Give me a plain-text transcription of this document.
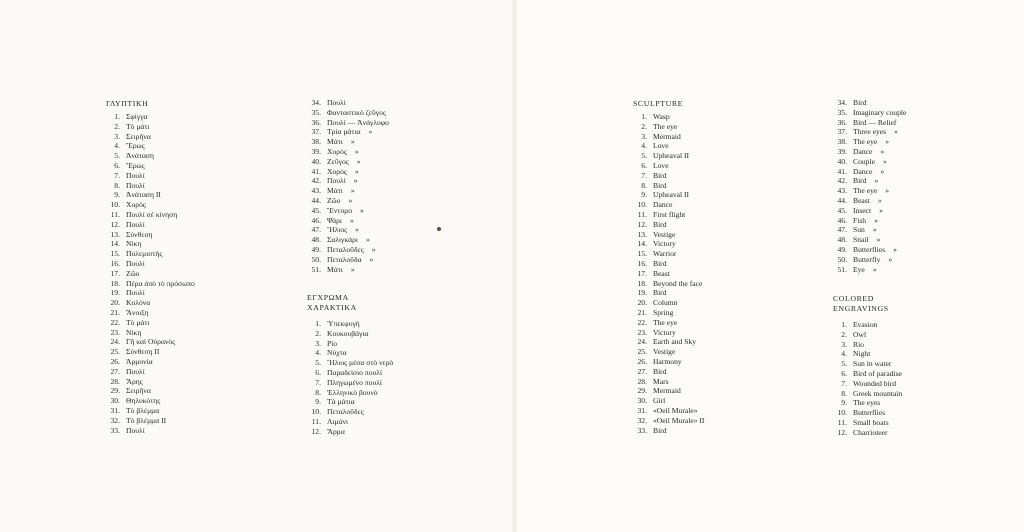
ΓΛΥΠΤΙΚΗ
1. Σφίγγα
2. Τὸ μάτι
3. Σειρῆνα
4. Ἔρως
5. Ἀνάταση
6. Ἔρως
7. Πουλί
8. Πουλί
9. Ἀνάταση ΙΙ
10. Χορὸς
11. Πουλί σὲ κίνηση
12. Πουλί
13. Σύνθεση
14. Νίκη
15. Πολεμιστής
16. Πουλί
17. Ζῶο
18. Πέρα ἀπὸ τὸ πρόσωπο
19. Πουλί
20. Κολόνα
21. Ἄνοιξη
22. Τὸ μάτι
23. Νίκη
24. Γῆ καὶ Οὐρανὸς
25. Σύνθεση ΙΙ
26. Ἁρμονία
27. Πουλί
28. Ἄρης
29. Σειρῆνα
30. Θηλυκότης
31. Τὸ βλέμμα
32. Τὸ βλέμμα ΙΙ
33. Πουλί
34. Πουλί
35. Φανταστικὸ ζεῦγος
36. Πουλί — Ἀνάγλυφο
37. Τρία μάτια »
38. Μάτι »
39. Χορὸς »
40. Ζεῦγος »
41. Χορὸς »
42. Πουλί »
43. Μάτι »
44. Ζῶο »
45. Ἔντομο »
46. Ψάρι »
47. Ἥλιος »
48. Σαλιγκάρι »
49. Πεταλοῦδες »
50. Πεταλοῦδα »
51. Μάτι »
ΕΓΧΡΩΜΑ
ΧΑΡΑΚΤΙΚΑ
1. Ὑπεκφυγή
2. Κουκουβάγια
3. Ρίο
4. Νύχτα
5. Ἥλιος μέσα στὸ νερὸ
6. Παραδείσιο πουλί
7. Πληγωμένο πουλί
8. Ἑλληνικὸ βουνὸ
9. Τὰ μάτια
10. Πεταλοῦδες
11. Λιμάνι
12. Ἅρμα
SCULPTURE
1. Wasp
2. The eye
3. Mermaid
4. Love
5. Upheaval II
6. Love
7. Bird
8. Bird
9. Upheaval II
10. Dance
11. First flight
12. Bird
13. Vestige
14. Victory
15. Warrior
16. Bird
17. Beast
18. Beyond the face
19. Bird
20. Column
21. Spring
22. The eye
23. Victory
24. Earth and Sky
25. Vestige
26. Harmony
27. Bird
28. Mars
29. Mermaid
30. Girl
31. «Oeil Murale»
32. «Oeil Murale» II
33. Bird
34. Bird
35. Imaginary couple
36. Bird — Relief
37. Three eyes »
38. The eye »
39. Dance »
40. Couple »
41. Dance »
42. Bird »
43. The eye »
44. Beast »
45. Insect »
46. Fish »
47. Sun »
48. Snail »
49. Butterflies »
50. Butterfly »
51. Eye »
COLORED
ENGRAVINGS
1. Evasion
2. Owl
3. Rio
4. Night
5. Sun in water
6. Bird of paradise
7. Wounded bird
8. Greek mountain
9. The eyes
10. Butterflies
11. Small boats
12. Charrioteer
